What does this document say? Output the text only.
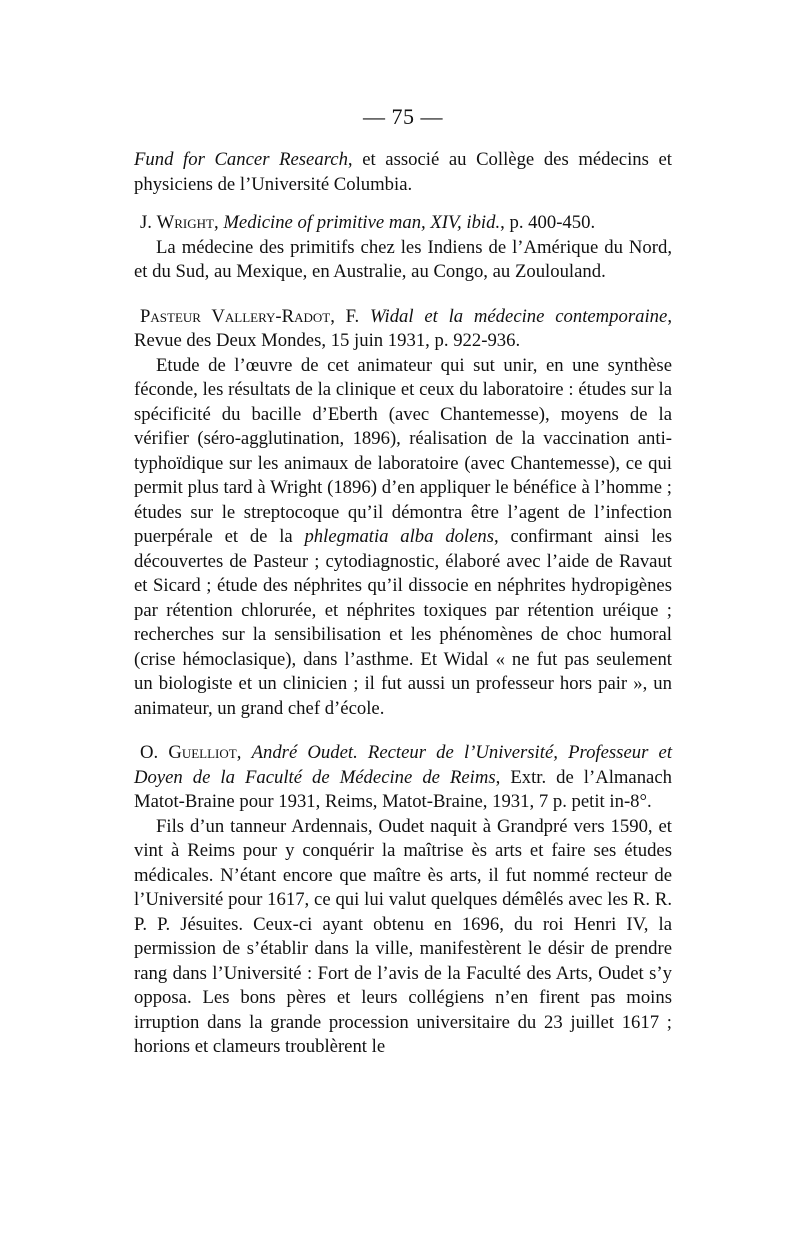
— 75 —

Fund for Cancer Research, et associé au Collège des médecins et physiciens de l’Université Columbia.

J. Wright, Medicine of primitive man, XIV, ibid., p. 400-450.

La médecine des primitifs chez les Indiens de l’Amérique du Nord, et du Sud, au Mexique, en Australie, au Congo, au Zoulouland.

Pasteur Vallery-Radot, F. Widal et la médecine contemporaine, Revue des Deux Mondes, 15 juin 1931, p. 922-936.

Etude de l’œuvre de cet animateur qui sut unir, en une synthèse féconde, les résultats de la clinique et ceux du laboratoire : études sur la spécificité du bacille d’Eberth (avec Chantemesse), moyens de la vérifier (séro-agglutination, 1896), réalisation de la vaccination anti-typhoïdique sur les animaux de laboratoire (avec Chantemesse), ce qui permit plus tard à Wright (1896) d’en appliquer le bénéfice à l’homme ; études sur le streptocoque qu’il démontra être l’agent de l’infection puerpérale et de la phlegmatia alba dolens, confirmant ainsi les découvertes de Pasteur ; cytodiagnostic, élaboré avec l’aide de Ravaut et Sicard ; étude des néphrites qu’il dissocie en néphrites hydropigènes par rétention chlorurée, et néphrites toxiques par rétention uréique ; recherches sur la sensibilisation et les phénomènes de choc humoral (crise hémoclasique), dans l’asthme. Et Widal « ne fut pas seulement un biologiste et un clinicien ; il fut aussi un professeur hors pair », un animateur, un grand chef d’école.

O. Guelliot, André Oudet. Recteur de l’Université, Professeur et Doyen de la Faculté de Médecine de Reims, Extr. de l’Almanach Matot-Braine pour 1931, Reims, Matot-Braine, 1931, 7 p. petit in-8°.

Fils d’un tanneur Ardennais, Oudet naquit à Grandpré vers 1590, et vint à Reims pour y conquérir la maîtrise ès arts et faire ses études médicales. N’étant encore que maître ès arts, il fut nommé recteur de l’Université pour 1617, ce qui lui valut quelques démêlés avec les R. R. P. P. Jésuites. Ceux-ci ayant obtenu en 1696, du roi Henri IV, la permission de s’établir dans la ville, manifestèrent le désir de prendre rang dans l’Université : Fort de l’avis de la Faculté des Arts, Oudet s’y opposa. Les bons pères et leurs collégiens n’en firent pas moins irruption dans la grande procession universitaire du 23 juillet 1617 ; horions et clameurs troublèrent le
